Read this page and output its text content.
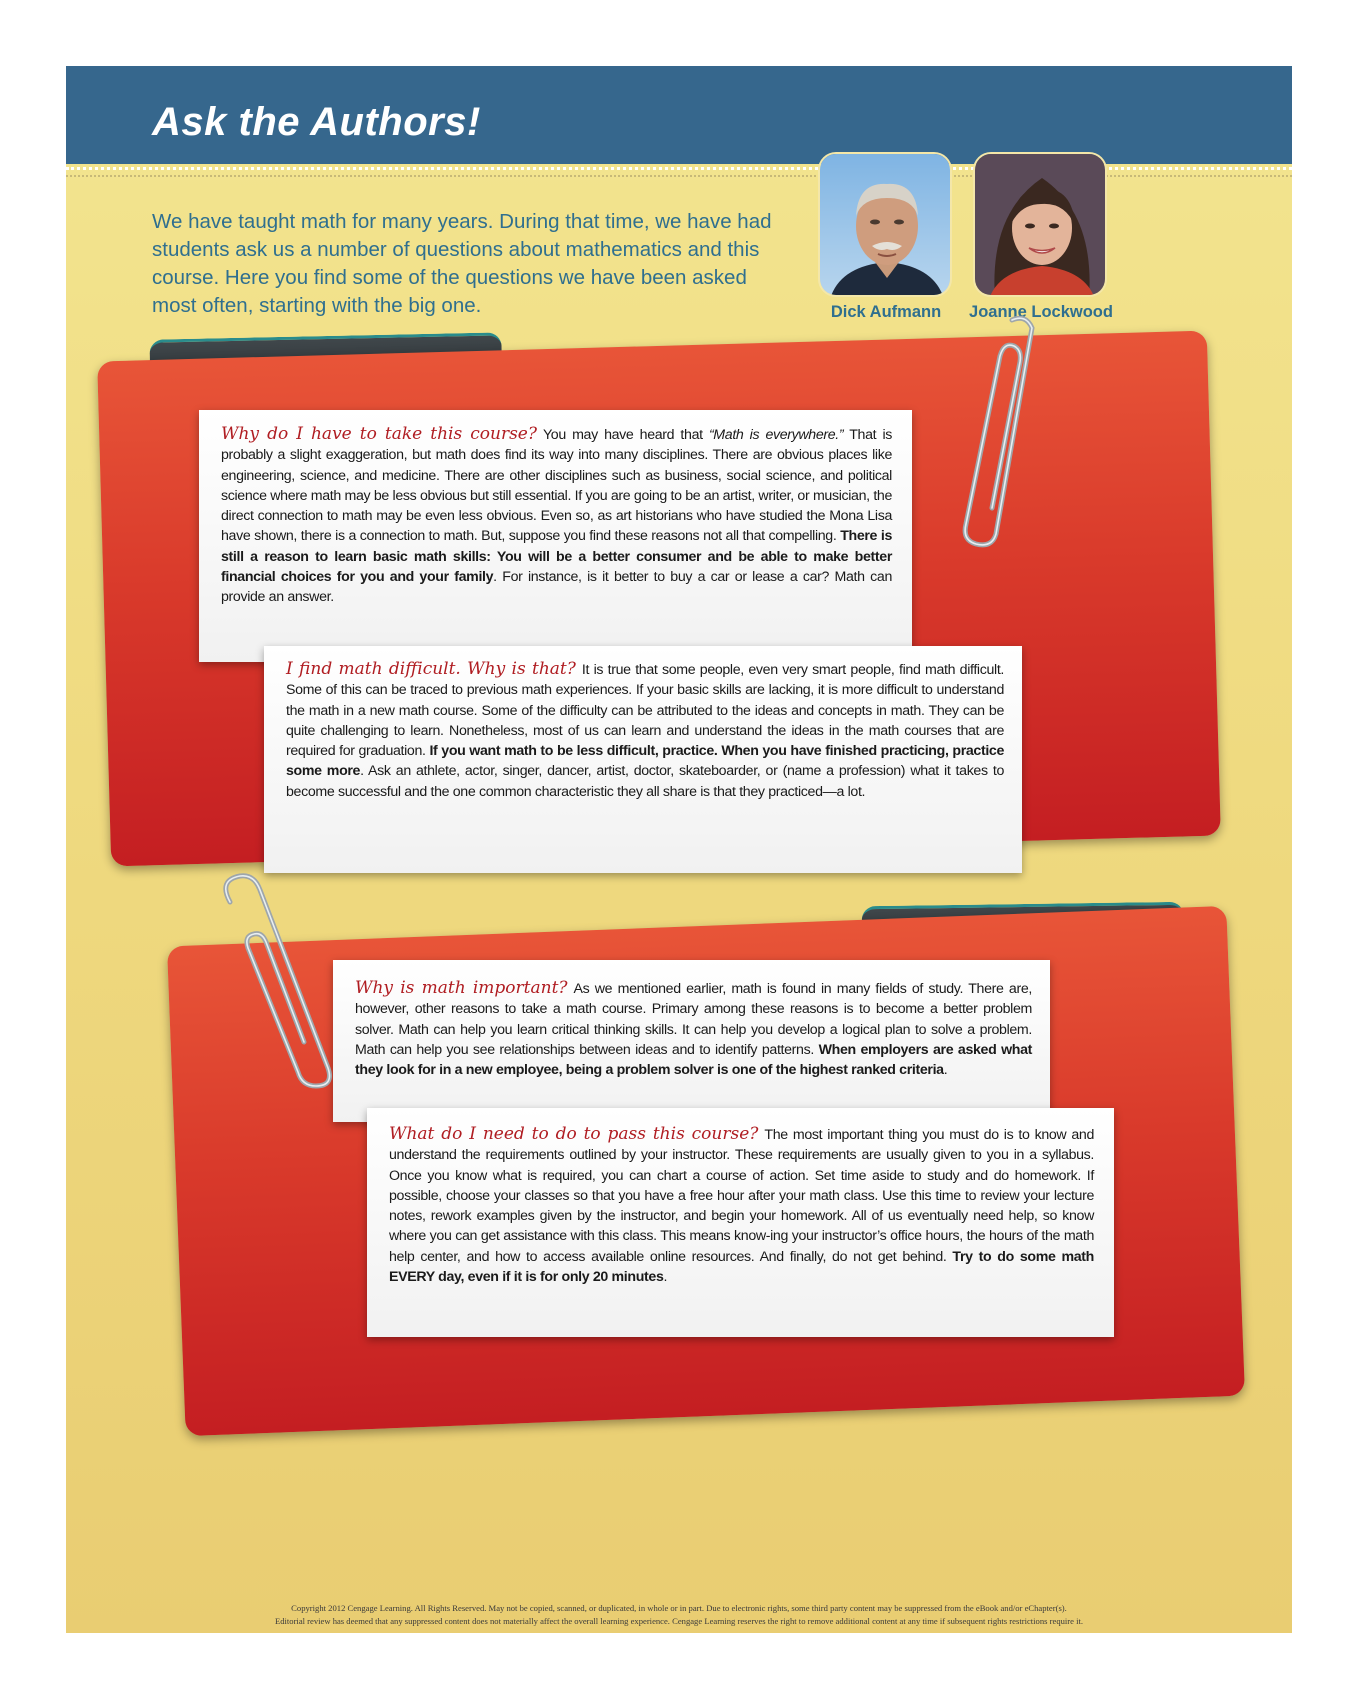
Ask the Authors!
We have taught math for many years. During that time, we have had students ask us a number of questions about mathematics and this course. Here you find some of the questions we have been asked most often, starting with the big one.	Dick Aufmann	Joanne Lockwood
Why do I have to take this course? You may have heard that “Math is everywhere.” That is probably a slight exaggeration, but math does find its way into many disciplines. There are obvious places like engineering, science, and medicine. There are other disciplines such as business, social science, and political science where math may be less obvious but still essential. If you are going to be an artist, writer, or musician, the direct connection to math may be even less obvious. Even so, as art historians who have studied the Mona Lisa have shown, there is a connection to math. But, suppose you find these reasons not all that compelling. There is still a reason to learn basic math skills: You will be a better consumer and be able to make better financial choices for you and your family. For instance, is it better to buy a car or lease a car? Math can provide an answer.
I find math difficult. Why is that? It is true that some people, even very smart people, find math difficult. Some of this can be traced to previous math experiences. If your basic skills are lacking, it is more difficult to understand the math in a new math course. Some of the difficulty can be attributed to the ideas and concepts in math. They can be quite challenging to learn. Nonetheless, most of us can learn and understand the ideas in the math courses that are required for graduation. If you want math to be less difficult, practice. When you have finished practicing, practice some more. Ask an athlete, actor, singer, dancer, artist, doctor, skateboarder, or (name a profession) what it takes to become successful and the one common characteristic they all share is that they practiced—a lot.
Why is math important? As we mentioned earlier, math is found in many fields of study. There are, however, other reasons to take a math course. Primary among these reasons is to become a better problem solver. Math can help you learn critical thinking skills. It can help you develop a logical plan to solve a problem. Math can help you see relationships between ideas and to identify patterns. When employers are asked what they look for in a new employee, being a problem solver is one of the highest ranked criteria.
What do I need to do to pass this course? The most important thing you must do is to know and understand the requirements outlined by your instructor. These requirements are usually given to you in a syllabus. Once you know what is required, you can chart a course of action. Set time aside to study and do homework. If possible, choose your classes so that you have a free hour after your math class. Use this time to review your lecture notes, rework examples given by the instructor, and begin your homework. All of us eventually need help, so know where you can get assistance with this class. This means know-ing your instructor’s office hours, the hours of the math help center, and how to access available online resources. And finally, do not get behind. Try to do some math EVERY day, even if it is for only 20 minutes.
Copyright 2012 Cengage Learning. All Rights Reserved. May not be copied, scanned, or duplicated, in whole or in part. Due to electronic rights, some third party content may be suppressed from the eBook and/or eChapter(s).
Editorial review has deemed that any suppressed content does not materially affect the overall learning experience. Cengage Learning reserves the right to remove additional content at any time if subsequent rights restrictions require it.
